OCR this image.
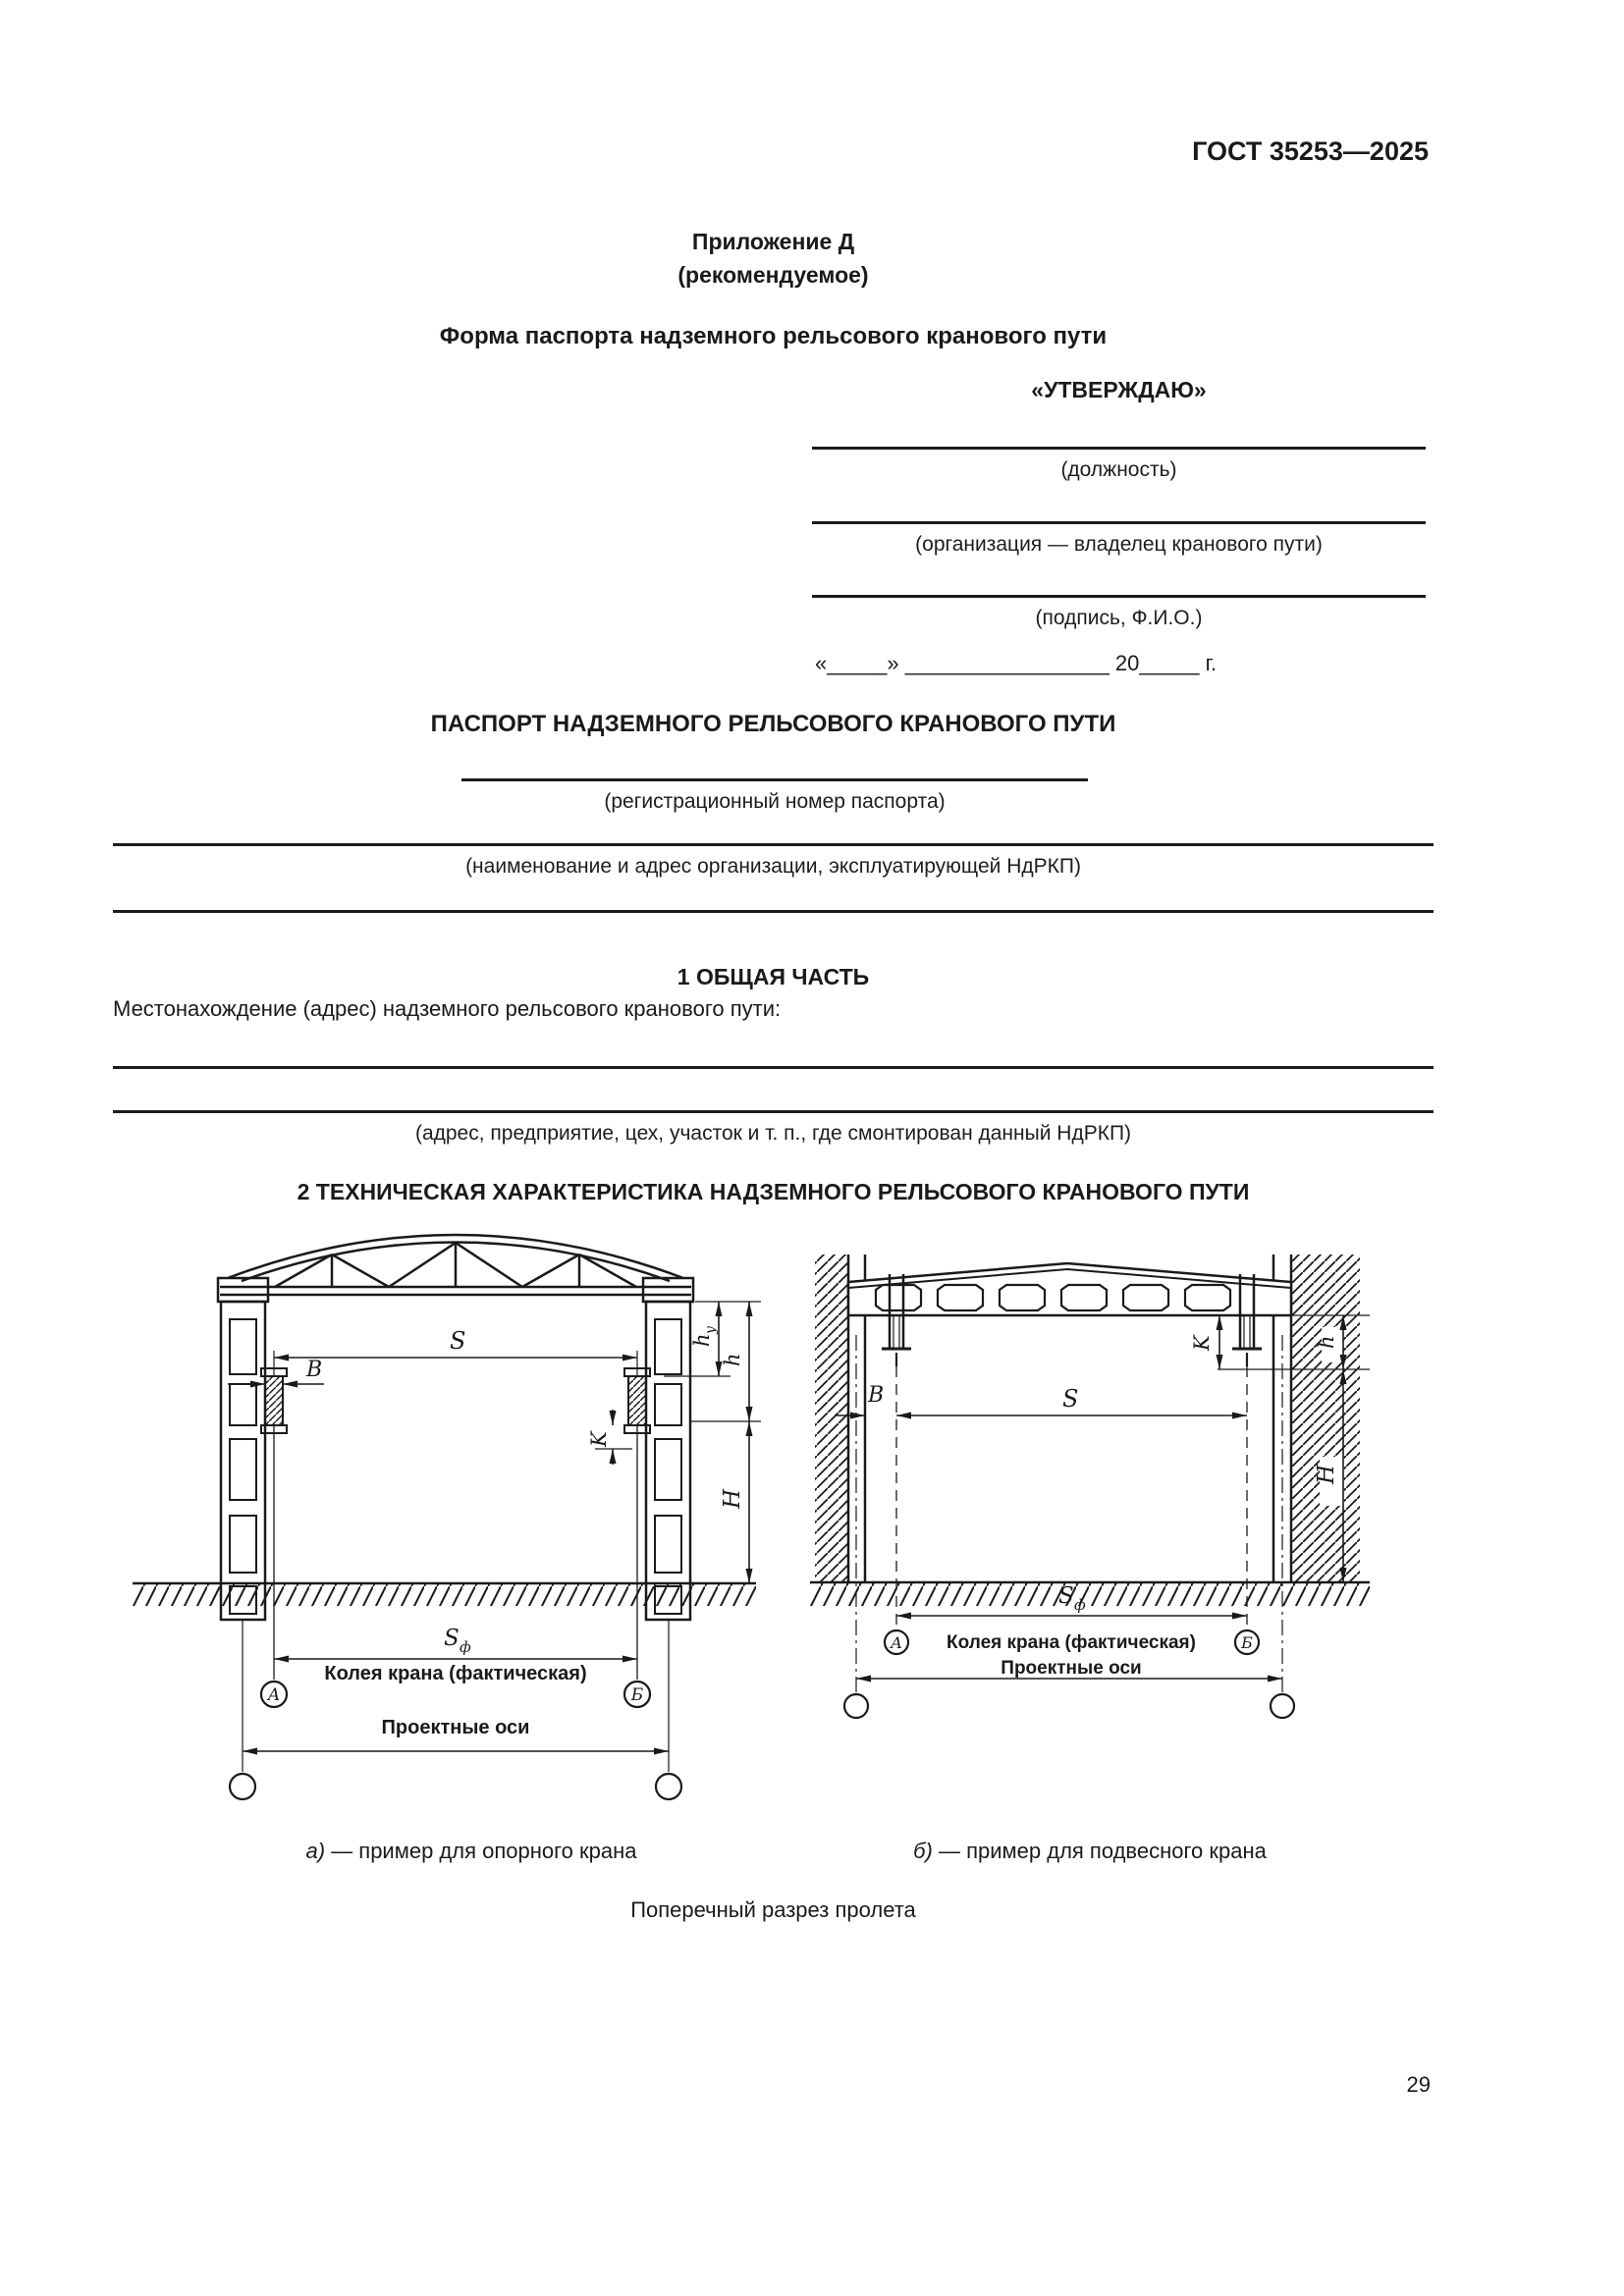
ГОСТ 35253—2025
Приложение Д
(рекомендуемое)
Форма паспорта надземного рельсового кранового пути
«УТВЕРЖДАЮ»
(должность)
(организация — владелец кранового пути)
(подпись, Ф.И.О.)
«_____» _________________ 20_____ г.
ПАСПОРТ НАДЗЕМНОГО РЕЛЬСОВОГО КРАНОВОГО ПУТИ
(регистрационный номер паспорта)
(наименование и адрес организации, эксплуатирующей НдРКП)
1 ОБЩАЯ ЧАСТЬ
Местонахождение (адрес) надземного рельсового кранового пути:
(адрес, предприятие, цех, участок и т. п., где смонтирован данный НдРКП)
2 ТЕХНИЧЕСКАЯ ХАРАКТЕРИСТИКА НАДЗЕМНОГО РЕЛЬСОВОГО КРАНОВОГО ПУТИ
S
B
K
h
у
h
H
S ф
А	Б
Колея крана (фактическая)
Проектные оси
S
B
K	h
H
S ф
А	Б
Колея крана (фактическая)
Проектные оси
а) — пример для опорного крана	б) — пример для подвесного крана
Поперечный разрез пролета
29
